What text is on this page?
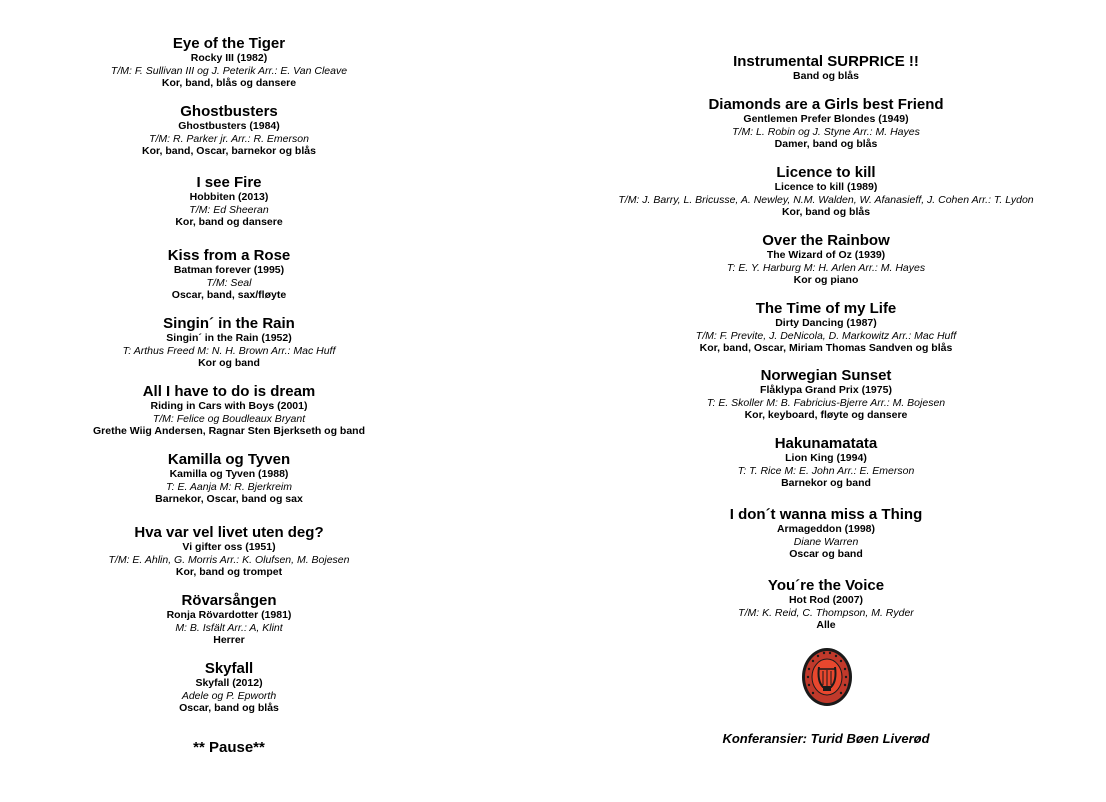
Eye of the Tiger
Rocky III (1982)
T/M: F. Sullivan III og J. Peterik Arr.: E. Van Cleave
Kor, band, blås og dansere
Ghostbusters
Ghostbusters (1984)
T/M: R. Parker jr. Arr.: R. Emerson
Kor, band, Oscar, barnekor og blås
I see Fire
Hobbiten (2013)
T/M: Ed Sheeran
Kor, band og dansere
Kiss from a Rose
Batman forever (1995)
T/M: Seal
Oscar, band, sax/fløyte
Singin´ in the Rain
Singin´ in the Rain (1952)
T: Arthus Freed M: N. H. Brown Arr.: Mac Huff
Kor og band
All I have to do is dream
Riding in Cars with Boys (2001)
T/M: Felice og Boudleaux Bryant
Grethe Wiig Andersen, Ragnar Sten Bjerkseth og band
Kamilla og Tyven
Kamilla og Tyven (1988)
T: E. Aanja M: R. Bjerkreim
Barnekor, Oscar, band og sax
Hva var vel livet uten deg?
Vi gifter oss (1951)
T/M: E. Ahlin, G. Morris Arr.: K. Olufsen, M. Bojesen
Kor, band og trompet
Rövarsången
Ronja Rövardotter (1981)
M: B. Isfält Arr.: A, Klint
Herrer
Skyfall
Skyfall (2012)
Adele og P. Epworth
Oscar, band og blås
** Pause**
Instrumental SURPRICE !!
Band og blås
Diamonds are a Girls best Friend
Gentlemen Prefer Blondes (1949)
T/M: L. Robin og J. Styne Arr.: M. Hayes
Damer, band og blås
Licence to kill
Licence to kill (1989)
T/M: J. Barry, L. Bricusse, A. Newley, N.M. Walden, W. Afanasieff, J. Cohen Arr.: T. Lydon
Kor, band og blås
Over the Rainbow
The Wizard of Oz (1939)
T: E. Y. Harburg M: H. Arlen Arr.: M. Hayes
Kor og piano
The Time of my Life
Dirty Dancing (1987)
T/M: F. Previte, J. DeNicola, D. Markowitz Arr.: Mac Huff
Kor, band, Oscar, Miriam Thomas Sandven og blås
Norwegian Sunset
Flåklypa Grand Prix (1975)
T: E. Skoller M: B. Fabricius-Bjerre Arr.: M. Bojesen
Kor, keyboard, fløyte og dansere
Hakunamatata
Lion King (1994)
T: T. Rice M: E. John Arr.: E. Emerson
Barnekor og band
I don´t wanna miss a Thing
Armageddon (1998)
Diane Warren
Oscar og band
You´re the Voice
Hot Rod (2007)
T/M: K. Reid, C. Thompson, M. Ryder
Alle
Konferansier: Turid Bøen Liverød
